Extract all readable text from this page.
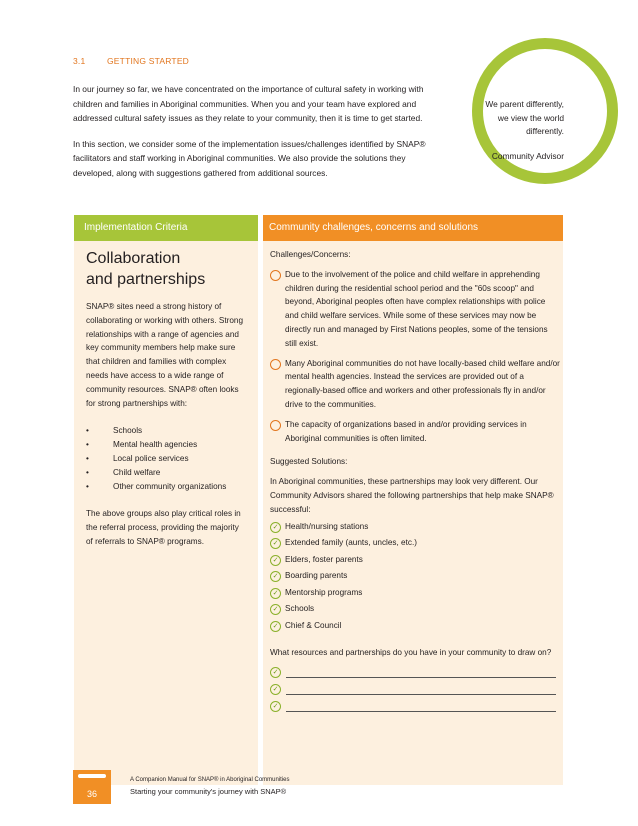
3.1	GETTING STARTED

In our journey so far, we have concentrated on the importance of cultural safety in working with children and families in Aboriginal communities. When you and your team have explored and addressed cultural safety issues as they relate to your community, then it is time to get started.

In this section, we consider some of the implementation issues/challenges identified by SNAP® facilitators and staff working in Aboriginal communities. We also provide the solutions they developed, along with suggestions gathered from additional sources.

We parent differently, we view the world differently.

Community Advisor

Implementation Criteria	Community challenges, concerns and solutions
Collaboration
and partnerships

SNAP® sites need a strong history of collaborating or working with others. Strong relationships with a range of agencies and key community members help make sure that children and families with complex needs have access to a wide range of community resources. SNAP® often looks for strong partnerships with:

•	Schools
•	Mental health agencies
•	Local police services
•	Child welfare
•	Other community organizations

The above groups also play critical roles in the referral process, providing the majority of referrals to SNAP® programs.

Challenges/Concerns:

Due to the involvement of the police and child welfare in apprehending children during the residential school period and the "60s scoop" and beyond, Aboriginal peoples often have complex relationships with police and child welfare services. While some of these services may now be directly run and managed by First Nations peoples, some of the tensions still exist.
Many Aboriginal communities do not have locally-based child welfare and/or mental health agencies. Instead the services are provided out of a regionally-based office and workers and other professionals fly in and/or drive to the communities.
The capacity of organizations based in and/or providing services in Aboriginal communities is often limited.

Suggested Solutions:

In Aboriginal communities, these partnerships may look very different. Our Community Advisors shared the following partnerships that help make SNAP® successful:

✓ Health/nursing stations
✓ Extended family (aunts, uncles, etc.)
✓ Elders, foster parents
✓ Boarding parents
✓ Mentorship programs
✓ Schools
✓ Chief & Council

What resources and partnerships do you have in your community to draw on?

✓
✓
✓
36
A Companion Manual for SNAP® in Aboriginal Communities
Starting your community's journey with SNAP®
